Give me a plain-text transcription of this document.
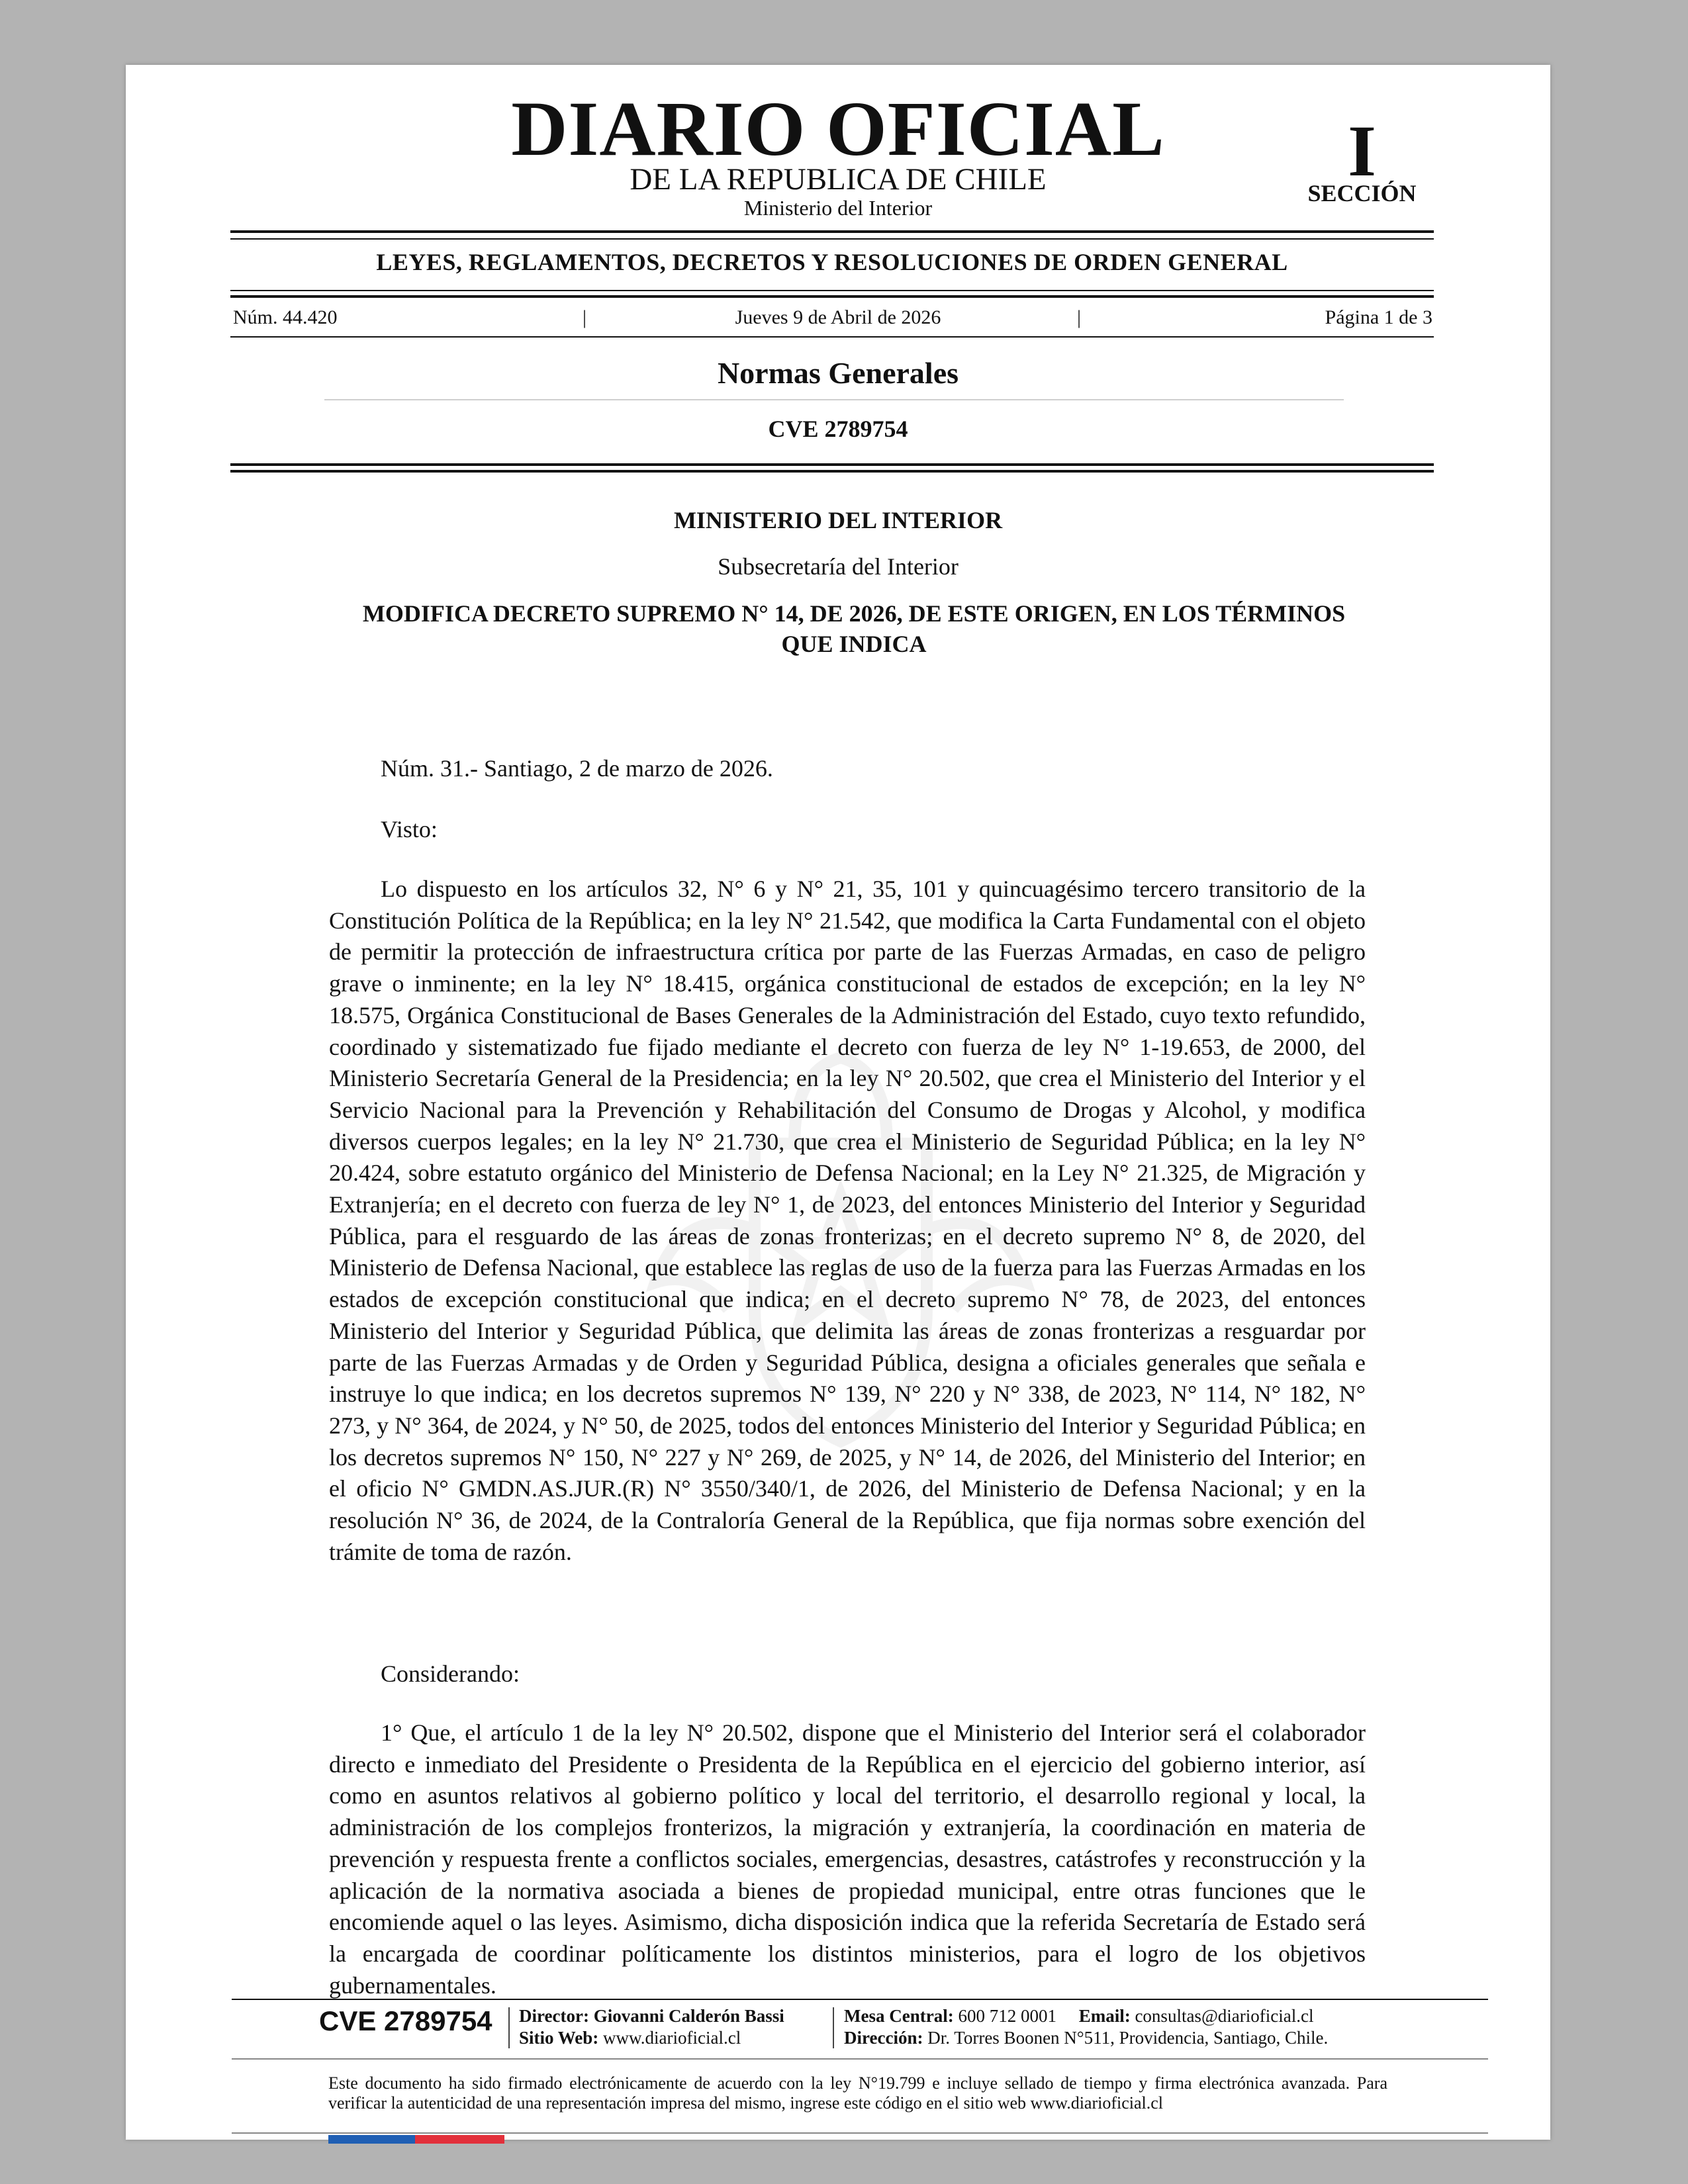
DIARIO OFICIAL
DE LA REPUBLICA DE CHILE
Ministerio del Interior
I
SECCIÓN
LEYES, REGLAMENTOS, DECRETOS Y RESOLUCIONES DE ORDEN GENERAL
Núm. 44.420	|	Jueves 9 de Abril de 2026	|	Página 1 de 3
Normas Generales
CVE 2789754
MINISTERIO DEL INTERIOR
Subsecretaría del Interior
MODIFICA DECRETO SUPREMO N° 14, DE 2026, DE ESTE ORIGEN, EN LOS TÉRMINOS QUE INDICA
Núm. 31.- Santiago, 2 de marzo de 2026.
Visto:
Lo dispuesto en los artículos 32, N° 6 y N° 21, 35, 101 y quincuagésimo tercero transitorio de la Constitución Política de la República; en la ley N° 21.542, que modifica la Carta Fundamental con el objeto de permitir la protección de infraestructura crítica por parte de las Fuerzas Armadas, en caso de peligro grave o inminente; en la ley N° 18.415, orgánica constitucional de estados de excepción; en la ley N° 18.575, Orgánica Constitucional de Bases Generales de la Administración del Estado, cuyo texto refundido, coordinado y sistematizado fue fijado mediante el decreto con fuerza de ley N° 1-19.653, de 2000, del Ministerio Secretaría General de la Presidencia; en la ley N° 20.502, que crea el Ministerio del Interior y el Servicio Nacional para la Prevención y Rehabilitación del Consumo de Drogas y Alcohol, y modifica diversos cuerpos legales; en la ley N° 21.730, que crea el Ministerio de Seguridad Pública; en la ley N° 20.424, sobre estatuto orgánico del Ministerio de Defensa Nacional; en la Ley N° 21.325, de Migración y Extranjería; en el decreto con fuerza de ley N° 1, de 2023, del entonces Ministerio del Interior y Seguridad Pública, para el resguardo de las áreas de zonas fronterizas; en el decreto supremo N° 8, de 2020, del Ministerio de Defensa Nacional, que establece las reglas de uso de la fuerza para las Fuerzas Armadas en los estados de excepción constitucional que indica; en el decreto supremo N° 78, de 2023, del entonces Ministerio del Interior y Seguridad Pública, que delimita las áreas de zonas fronterizas a resguardar por parte de las Fuerzas Armadas y de Orden y Seguridad Pública, designa a oficiales generales que señala e instruye lo que indica; en los decretos supremos N° 139, N° 220 y N° 338, de 2023, N° 114, N° 182, N° 273, y N° 364, de 2024, y N° 50, de 2025, todos del entonces Ministerio del Interior y Seguridad Pública; en los decretos supremos N° 150, N° 227 y N° 269, de 2025, y N° 14, de 2026, del Ministerio del Interior; en el oficio N° GMDN.AS.JUR.(R) N° 3550/340/1, de 2026, del Ministerio de Defensa Nacional; y en la resolución N° 36, de 2024, de la Contraloría General de la República, que fija normas sobre exención del trámite de toma de razón.
Considerando:
1° Que, el artículo 1 de la ley N° 20.502, dispone que el Ministerio del Interior será el colaborador directo e inmediato del Presidente o Presidenta de la República en el ejercicio del gobierno interior, así como en asuntos relativos al gobierno político y local del territorio, el desarrollo regional y local, la administración de los complejos fronterizos, la migración y extranjería, la coordinación en materia de prevención y respuesta frente a conflictos sociales, emergencias, desastres, catástrofes y reconstrucción y la aplicación de la normativa asociada a bienes de propiedad municipal, entre otras funciones que le encomiende aquel o las leyes. Asimismo, dicha disposición indica que la referida Secretaría de Estado será la encargada de coordinar políticamente los distintos ministerios, para el logro de los objetivos gubernamentales.
CVE 2789754 Director: Giovanni Calderón Bassi
Sitio Web: www.diarioficial.cl
Mesa Central: 600 712 0001 Email: consultas@diarioficial.cl
Dirección: Dr. Torres Boonen N°511, Providencia, Santiago, Chile.
Este documento ha sido firmado electrónicamente de acuerdo con la ley N°19.799 e incluye sellado de tiempo y firma electrónica avanzada. Para verificar la autenticidad de una representación impresa del mismo, ingrese este código en el sitio web www.diarioficial.cl
